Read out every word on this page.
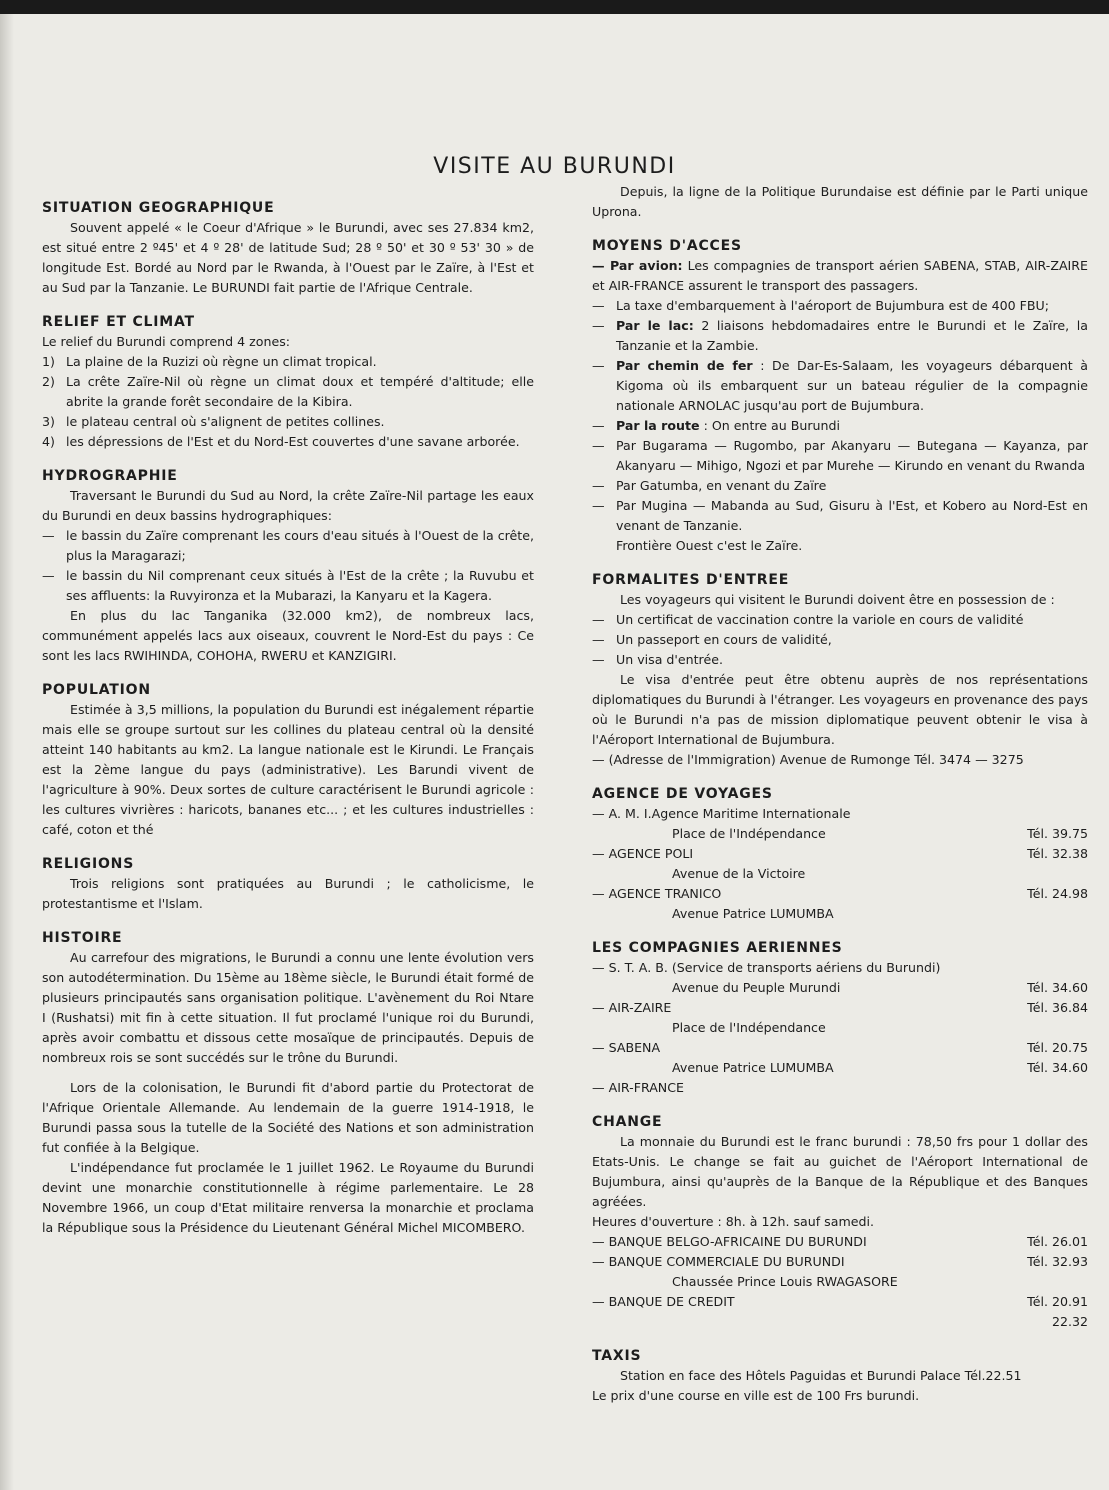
VISITE AU BURUNDI
SITUATION GEOGRAPHIQUE

Souvent appelé « le Coeur d'Afrique » le Burundi, avec ses 27.834 km2, est situé entre 2 º45' et 4 º 28' de latitude Sud; 28 º 50' et 30 º 53' 30 » de longitude Est. Bordé au Nord par le Rwanda, à l'Ouest par le Zaïre, à l'Est et au Sud par la Tanzanie. Le BURUNDI fait partie de l'Afrique Centrale.

RELIEF ET CLIMAT

Le relief du Burundi comprend 4 zones:

1) La plaine de la Ruzizi où règne un climat tropical.
2) La crête Zaïre-Nil où règne un climat doux et tempéré d'altitude; elle abrite la grande forêt secondaire de la Kibira.
3) le plateau central où s'alignent de petites collines.
4) les dépressions de l'Est et du Nord-Est couvertes d'une savane arborée.
HYDROGRAPHIE

Traversant le Burundi du Sud au Nord, la crête Zaïre-Nil partage les eaux du Burundi en deux bassins hydrographiques:

— le bassin du Zaïre comprenant les cours d'eau situés à l'Ouest de la crête, plus la Maragarazi;
— le bassin du Nil comprenant ceux situés à l'Est de la crête ; la Ruvubu et ses affluents: la Ruvyironza et la Mubarazi, la Kanyaru et la Kagera.

En plus du lac Tanganika (32.000 km2), de nombreux lacs, communément appelés lacs aux oiseaux, couvrent le Nord-Est du pays : Ce sont les lacs RWIHINDA, COHOHA, RWERU et KANZIGIRI.

POPULATION

Estimée à 3,5 millions, la population du Burundi est inégalement répartie mais elle se groupe surtout sur les collines du plateau central où la densité atteint 140 habitants au km2. La langue nationale est le Kirundi. Le Français est la 2ème langue du pays (administrative). Les Barundi vivent de l'agriculture à 90%. Deux sortes de culture caractérisent le Burundi agricole : les cultures vivrières : haricots, bananes etc... ; et les cultures industrielles : café, coton et thé

RELIGIONS

Trois religions sont pratiquées au Burundi ; le catholicisme, le protestantisme et l'Islam.

HISTOIRE

Au carrefour des migrations, le Burundi a connu une lente évolution vers son autodétermination. Du 15ème au 18ème siècle, le Burundi était formé de plusieurs principautés sans organisation politique. L'avènement du Roi Ntare I (Rushatsi) mit fin à cette situation. Il fut proclamé l'unique roi du Burundi, après avoir combattu et dissous cette mosaïque de principautés. Depuis de nombreux rois se sont succédés sur le trône du Burundi.

Lors de la colonisation, le Burundi fit d'abord partie du Protectorat de l'Afrique Orientale Allemande. Au lendemain de la guerre 1914-1918, le Burundi passa sous la tutelle de la Société des Nations et son administration fut confiée à la Belgique.

L'indépendance fut proclamée le 1 juillet 1962. Le Royaume du Burundi devint une monarchie constitutionnelle à régime parlementaire. Le 28 Novembre 1966, un coup d'Etat militaire renversa la monarchie et proclama la République sous la Présidence du Lieutenant Général Michel MICOMBERO.

Depuis, la ligne de la Politique Burundaise est définie par le Parti unique Uprona.

MOYENS D'ACCES

— Par avion: Les compagnies de transport aérien SABENA, STAB, AIR-ZAIRE et AIR-FRANCE assurent le transport des passagers.

— La taxe d'embarquement à l'aéroport de Bujumbura est de 400 FBU;
— Par le lac: 2 liaisons hebdomadaires entre le Burundi et le Zaïre, la Tanzanie et la Zambie.
— Par chemin de fer : De Dar-Es-Salaam, les voyageurs débarquent à Kigoma où ils embarquent sur un bateau régulier de la compagnie nationale ARNOLAC jusqu'au port de Bujumbura.
— Par la route : On entre au Burundi
— Par Bugarama — Rugombo, par Akanyaru — Butegana — Kayanza, par Akanyaru — Mihigo, Ngozi et par Murehe — Kirundo en venant du Rwanda
— Par Gatumba, en venant du Zaïre
— Par Mugina — Mabanda au Sud, Gisuru à l'Est, et Kobero au Nord-Est en venant de Tanzanie.
Frontière Ouest c'est le Zaïre.
FORMALITES D'ENTREE

Les voyageurs qui visitent le Burundi doivent être en possession de :

— Un certificat de vaccination contre la variole en cours de validité
— Un passeport en cours de validité,
— Un visa d'entrée.

Le visa d'entrée peut être obtenu auprès de nos représentations diplomatiques du Burundi à l'étranger. Les voyageurs en provenance des pays où le Burundi n'a pas de mission diplomatique peuvent obtenir le visa à l'Aéroport International de Bujumbura.

— (Adresse de l'Immigration) Avenue de Rumonge Tél. 3474 — 3275

AGENCE DE VOYAGES
— A. M. I.Agence Maritime Internationale
Place de l'Indépendance	Tél. 39.75
— AGENCE POLI	Tél. 32.38
Avenue de la Victoire
— AGENCE TRANICO	Tél. 24.98
Avenue Patrice LUMUMBA
LES COMPAGNIES AERIENNES
— S. T. A. B. (Service de transports aériens du Burundi)
Avenue du Peuple Murundi	Tél. 34.60
— AIR-ZAIRE	Tél. 36.84
Place de l'Indépendance
— SABENA	Tél. 20.75
Avenue Patrice LUMUMBA	Tél. 34.60
— AIR-FRANCE
CHANGE

La monnaie du Burundi est le franc burundi : 78,50 frs pour 1 dollar des Etats-Unis. Le change se fait au guichet de l'Aéroport International de Bujumbura, ainsi qu'auprès de la Banque de la République et des Banques agréées.

Heures d'ouverture : 8h. à 12h. sauf samedi.

— BANQUE BELGO-AFRICAINE DU BURUNDI	Tél. 26.01
— BANQUE COMMERCIALE DU BURUNDI	Tél. 32.93
Chaussée Prince Louis RWAGASORE
— BANQUE DE CREDIT	Tél. 20.91
22.32
TAXIS

Station en face des Hôtels Paguidas et Burundi Palace Tél.22.51

Le prix d'une course en ville est de 100 Frs burundi.
